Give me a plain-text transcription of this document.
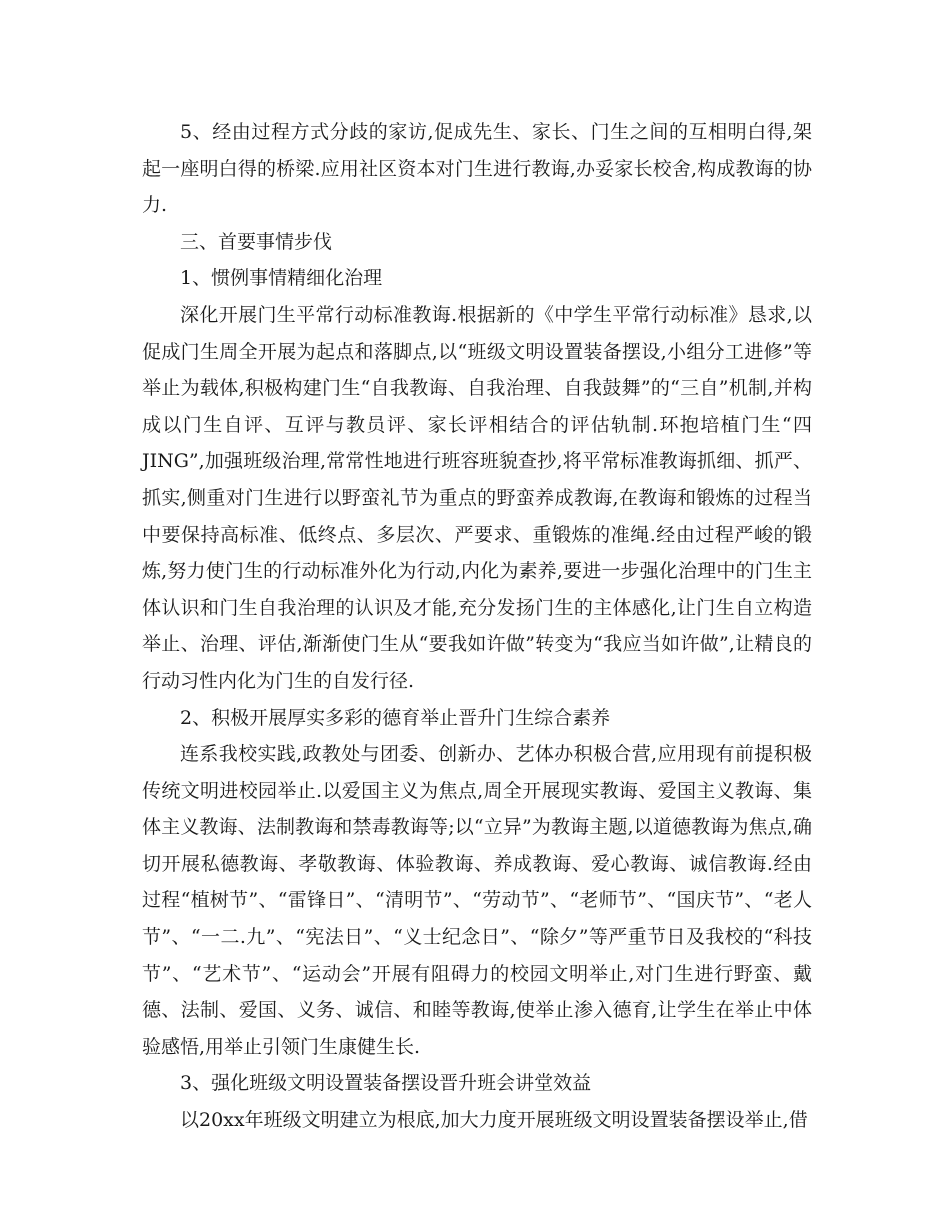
5、经由过程方式分歧的家访,促成先生、家长、门生之间的互相明白得,架起一座明白得的桥梁.应用社区资本对门生进行教诲,办妥家长校舍,构成教诲的协力.

三、首要事情步伐

1、惯例事情精细化治理

深化开展门生平常行动标准教诲.根据新的《中学生平常行动标准》恳求,以促成门生周全开展为起点和落脚点,以“班级文明设置装备摆设,小组分工进修”等举止为载体,积极构建门生“自我教诲、自我治理、自我鼓舞”的“三自”机制,并构成以门生自评、互评与教员评、家长评相结合的评估轨制.环抱培植门生“四JING”,加强班级治理,常常性地进行班容班貌查抄,将平常标准教诲抓细、抓严、抓实,侧重对门生进行以野蛮礼节为重点的野蛮养成教诲,在教诲和锻炼的过程当中要保持高标准、低终点、多层次、严要求、重锻炼的准绳.经由过程严峻的锻炼,努力使门生的行动标准外化为行动,内化为素养,要进一步强化治理中的门生主体认识和门生自我治理的认识及才能,充分发扬门生的主体感化,让门生自立构造举止、治理、评估,渐渐使门生从“要我如许做”转变为“我应当如许做”,让精良的行动习性内化为门生的自发行径.

2、积极开展厚实多彩的德育举止晋升门生综合素养

连系我校实践,政教处与团委、创新办、艺体办积极合营,应用现有前提积极传统文明进校园举止.以爱国主义为焦点,周全开展现实教诲、爱国主义教诲、集体主义教诲、法制教诲和禁毒教诲等;以“立异”为教诲主题,以道德教诲为焦点,确切开展私德教诲、孝敬教诲、体验教诲、养成教诲、爱心教诲、诚信教诲.经由过程“植树节”、“雷锋日”、“清明节”、“劳动节”、“老师节”、“国庆节”、“老人节”、“一二.九”、“宪法日”、“义士纪念日”、“除夕”等严重节日及我校的“科技节”、“艺术节”、“运动会”开展有阻碍力的校园文明举止,对门生进行野蛮、戴德、法制、爱国、义务、诚信、和睦等教诲,使举止渗入德育,让学生在举止中体验感悟,用举止引领门生康健生长.

3、强化班级文明设置装备摆设晋升班会讲堂效益

以20xx年班级文明建立为根底,加大力度开展班级文明设置装备摆设举止,借
